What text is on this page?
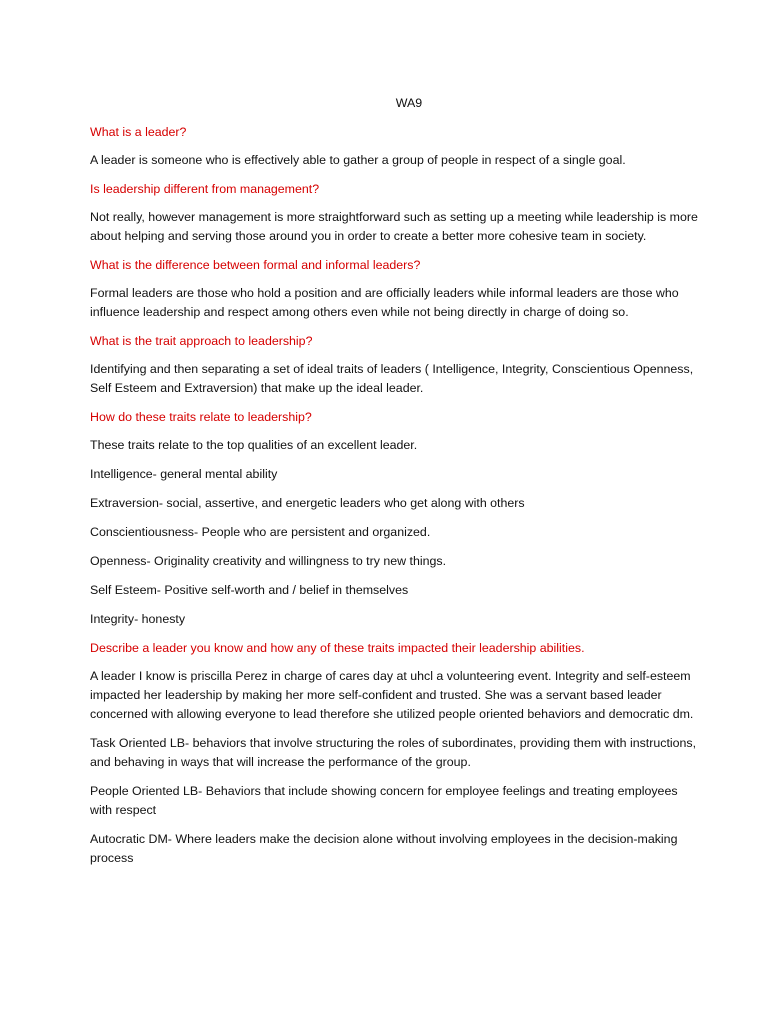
WA9
What is a leader?
A leader is someone who is effectively able to gather a group of people in respect of a single goal.
Is leadership different from management?
Not really, however management is more straightforward such as setting up a meeting while leadership is more about helping and serving those around you in order to create a better more cohesive team in society.
What is the difference between formal and informal leaders?
Formal leaders are those who hold a position and are officially leaders while informal leaders are those who influence leadership and respect among others even while not being directly in charge of doing so.
What is the trait approach to leadership?
Identifying and then separating a set of ideal traits of leaders ( Intelligence, Integrity, Conscientious Openness, Self Esteem and Extraversion) that make up the ideal leader.
How do these traits relate to leadership?
These traits relate to the top qualities of an excellent leader.
Intelligence- general mental ability
Extraversion- social, assertive, and energetic leaders who get along with others
Conscientiousness- People who are persistent and organized.
Openness- Originality creativity and willingness to try new things.
Self Esteem- Positive self-worth and / belief in themselves
Integrity- honesty
Describe a leader you know and how any of these traits impacted their leadership abilities.
A leader I know is priscilla Perez in charge of cares day at uhcl a volunteering event. Integrity and self-esteem impacted her leadership by making her more self-confident and trusted. She was a servant based leader concerned with allowing everyone to lead therefore she utilized people oriented behaviors and democratic dm.
Task Oriented LB- behaviors that involve structuring the roles of subordinates, providing them with instructions, and behaving in ways that will increase the performance of the group.
People Oriented LB- Behaviors that include showing concern for employee feelings and treating employees with respect
Autocratic DM- Where leaders make the decision alone without involving employees in the decision-making process
